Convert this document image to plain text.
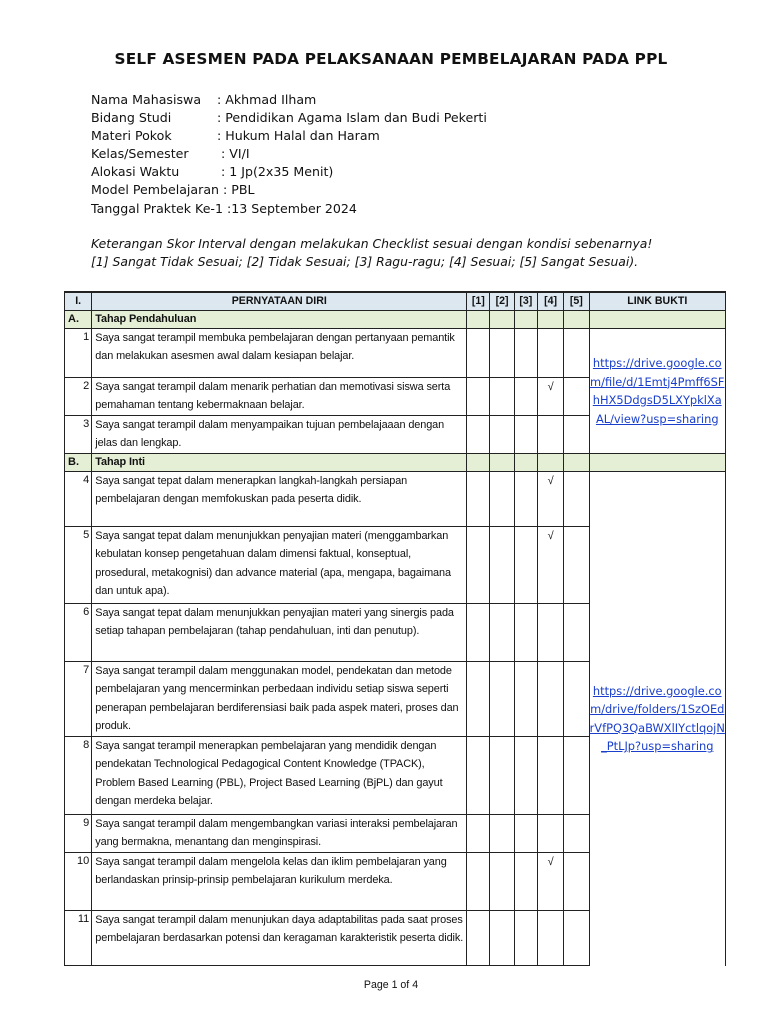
SELF ASESMEN PADA PELAKSANAAN PEMBELAJARAN PADA PPL
Nama Mahasiswa : Akhmad Ilham
Bidang Studi	: Pendidikan Agama Islam dan Budi Pekerti
Materi Pokok	: Hukum Halal dan Haram
Kelas/Semester : VI/I
Alokasi Waktu	: 1 Jp(2x35 Menit)
Model Pembelajaran : PBL
Tanggal Praktek Ke-1 :13 September 2024
Keterangan Skor Interval dengan melakukan Checklist sesuai dengan kondisi sebenarnya!
[1] Sangat Tidak Sesuai; [2] Tidak Sesuai; [3] Ragu-ragu; [4] Sesuai; [5] Sangat Sesuai).
I.	PERNYATAAN DIRI	[1]	[2]	[3]	[4]	[5]	LINK BUKTI
A.	Tahap Pendahuluan						
1	Saya sangat terampil membuka pembelajaran dengan pertanyaan pemantik dan melakukan asesmen awal dalam kesiapan belajar.						https://drive.google.com/file/d/1Emtj4Pmff6SFhHX5DdgsD5LXYpklXaAL/view?usp=sharing
2	Saya sangat terampil dalam menarik perhatian dan memotivasi siswa serta pemahaman tentang kebermaknaan belajar.				√		
3	Saya sangat terampil dalam menyampaikan tujuan pembelajaaan dengan jelas dan lengkap.						
B.	Tahap Inti						
4	Saya sangat tepat dalam menerapkan langkah-langkah persiapan pembelajaran dengan memfokuskan pada peserta didik.				√		https://drive.google.com/drive/folders/1SzOEdrVfPQ3QaBWXlIYctlqojN_PtLJp?usp=sharing
5	Saya sangat tepat dalam menunjukkan penyajian materi (menggambarkan kebulatan konsep pengetahuan dalam dimensi faktual, konseptual, prosedural, metakognisi) dan advance material (apa, mengapa, bagaimana dan untuk apa).				√		
6	Saya sangat tepat dalam menunjukkan penyajian materi yang sinergis pada setiap tahapan pembelajaran (tahap pendahuluan, inti dan penutup).						
7	Saya sangat terampil dalam menggunakan model, pendekatan dan metode pembelajaran yang mencerminkan perbedaan individu setiap siswa seperti penerapan pembelajaran berdiferensiasi baik pada aspek materi, proses dan produk.						
8	Saya sangat terampil menerapkan pembelajaran yang mendidik dengan pendekatan Technological Pedagogical Content Knowledge (TPACK), Problem Based Learning (PBL), Project Based Learning (BjPL) dan gayut dengan merdeka belajar.						
9	Saya sangat terampil dalam mengembangkan variasi interaksi pembelajaran yang bermakna, menantang dan menginspirasi.						
10	Saya sangat terampil dalam mengelola kelas dan iklim pembelajaran yang berlandaskan prinsip-prinsip pembelajaran kurikulum merdeka.				√		
11	Saya sangat terampil dalam menunjukan daya adaptabilitas pada saat proses pembelajaran berdasarkan potensi dan keragaman karakteristik peserta didik.						
Page 1 of 4
